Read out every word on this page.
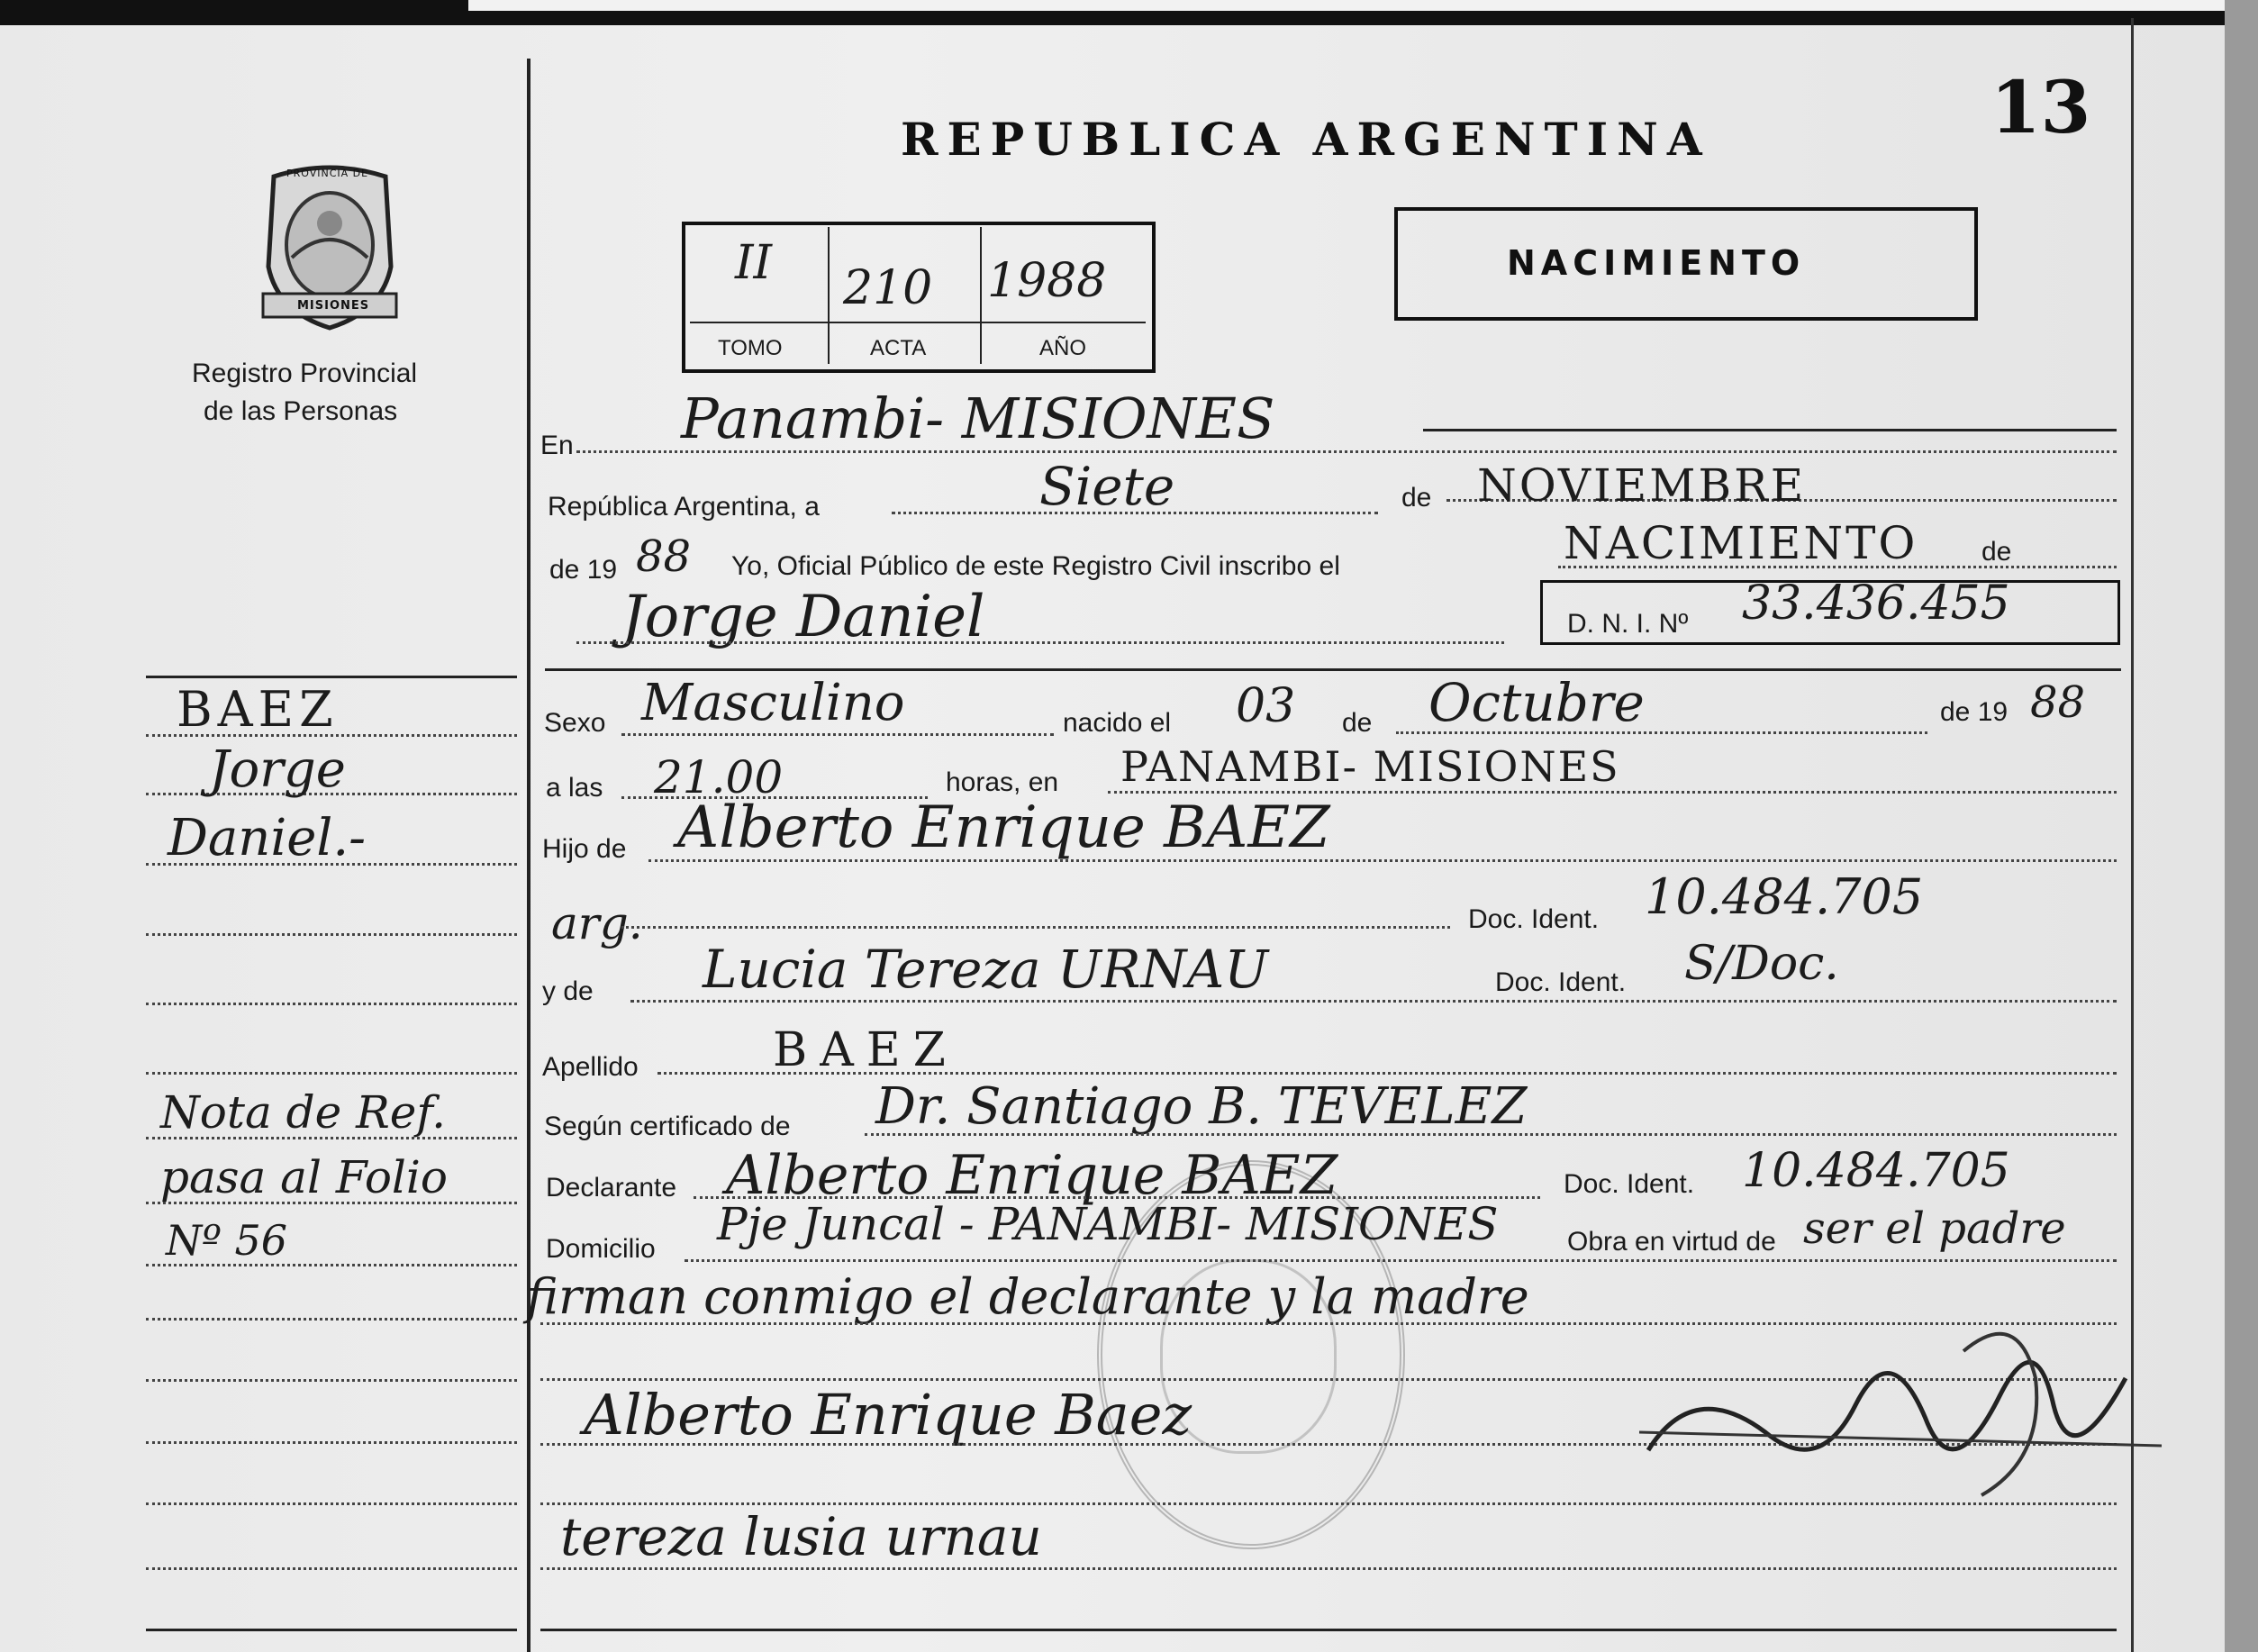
13
REPUBLICA ARGENTINA
NACIMIENTO
PROVINCIA DE
MISIONES
Registro Provincial
de las Personas
II 210 1988
TOMO	ACTA	AÑO
BAEZ
Jorge
Daniel.-
Nota de Ref.
pasa al Folio
Nº 56
En Panambi- MISIONES
República Argentina, a	Siete	de NOVIEMBRE
de 19 88 Yo, Oficial Público de este Registro Civil inscribo el	NACIMIENTO de
Jorge Daniel	D. N. I. Nº 33.436.455
Sexo Masculino	nacido el 03 de Octubre	de 19 88
a las 21.00	horas, en PANAMBI- MISIONES
Hijo de Alberto Enrique BAEZ
arg.	Doc. Ident. 10.484.705
y de Lucia Tereza URNAU	Doc. Ident. S/Doc.
Apellido	BAEZ
Según certificado de Dr. Santiago B. TEVELEZ
Declarante Alberto Enrique BAEZ	Doc. Ident. 10.484.705
Domicilio Pje Juncal - PANAMBI- MISIONES	Obra en virtud de ser el padre
firman conmigo el declarante y la madre
Alberto Enrique Baez
tereza lusia urnau
